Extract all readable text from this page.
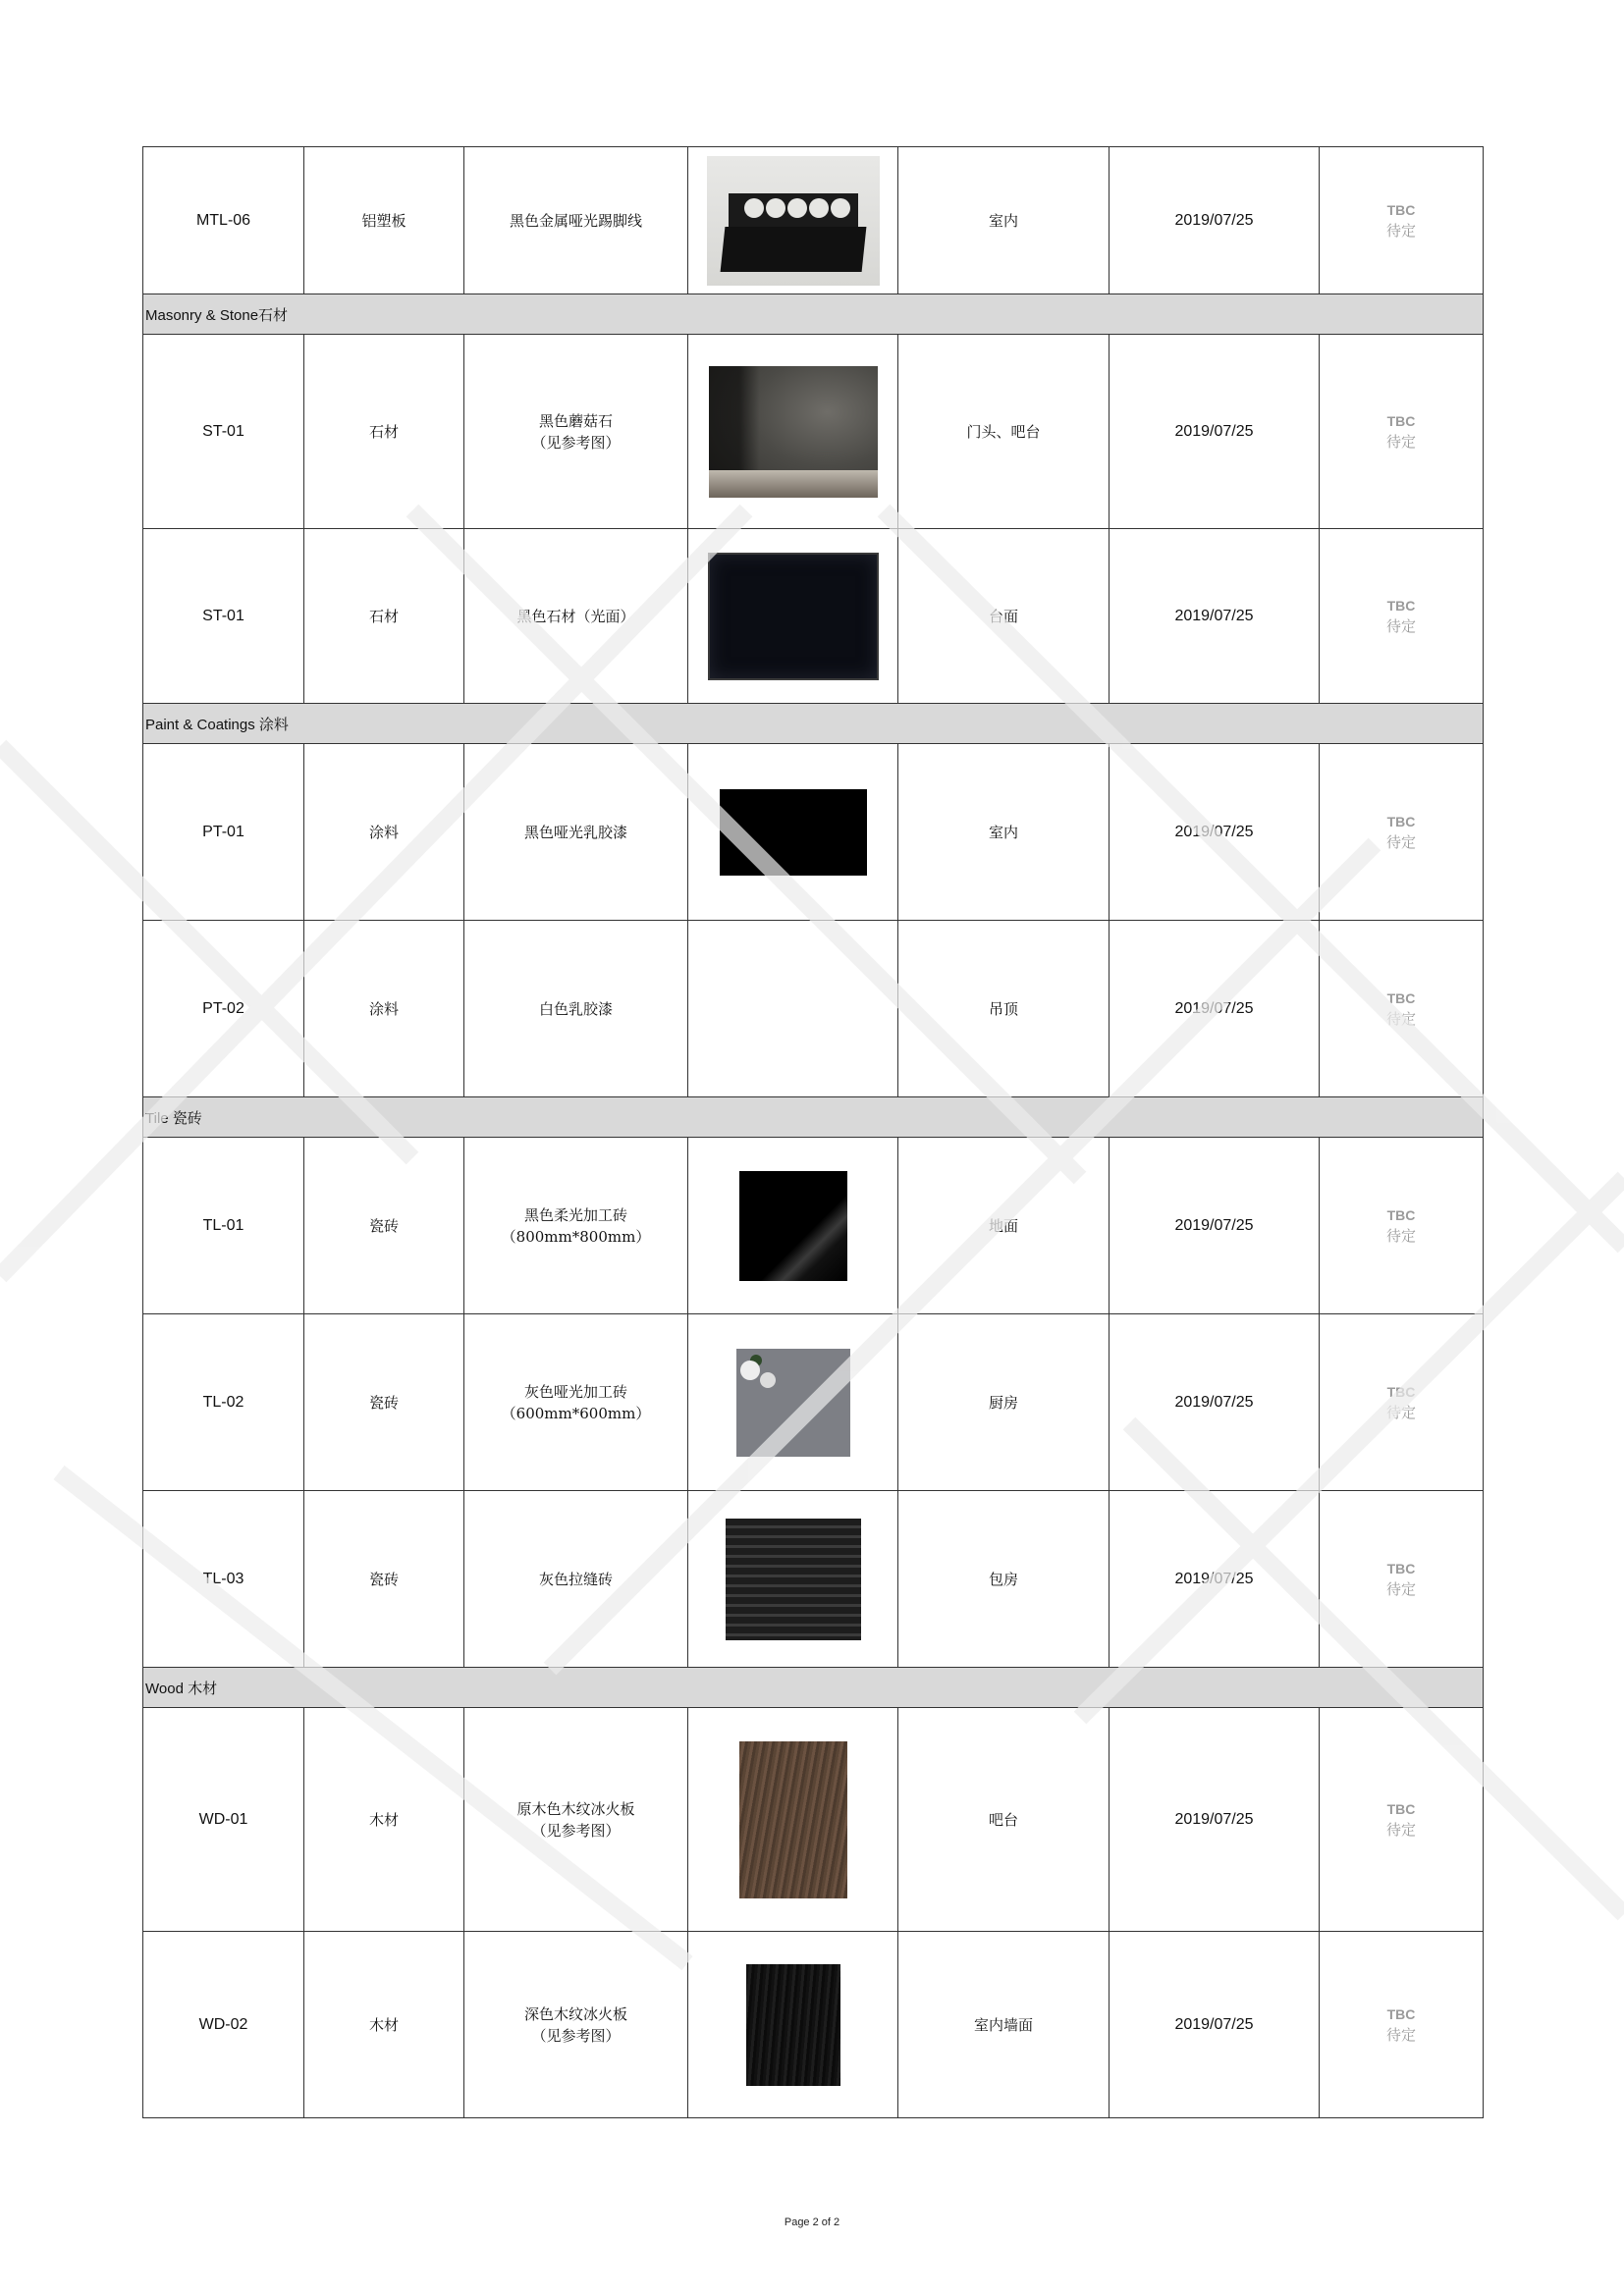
MTL-06	铝塑板	黑色金属哑光踢脚线		室内	2019/07/25	TBC
待定

Masonry & Stone石材						
ST-01	石材	黑色蘑菇石
（见参考图）		门头、吧台	2019/07/25	TBC
待定

ST-01	石材	黑色石材（光面）		台面	2019/07/25	TBC
待定

Paint & Coatings 涂料						
PT-01	涂料	黑色哑光乳胶漆		室内	2019/07/25	TBC
待定

PT-02	涂料	白色乳胶漆		吊顶	2019/07/25	TBC
待定

Tile 瓷砖						
TL-01	瓷砖	黑色柔光加工砖
（800mm*800mm）		地面	2019/07/25	TBC
待定

TL-02	瓷砖	灰色哑光加工砖
（600mm*600mm）		厨房	2019/07/25	TBC
待定

TL-03	瓷砖	灰色拉缝砖		包房	2019/07/25	TBC
待定

Wood 木材						
WD-01	木材	原木色木纹冰火板
（见参考图）		吧台	2019/07/25	TBC
待定

WD-02	木材	深色木纹冰火板
（见参考图）		室内墙面	2019/07/25	TBC
待定
Page 2 of 2
